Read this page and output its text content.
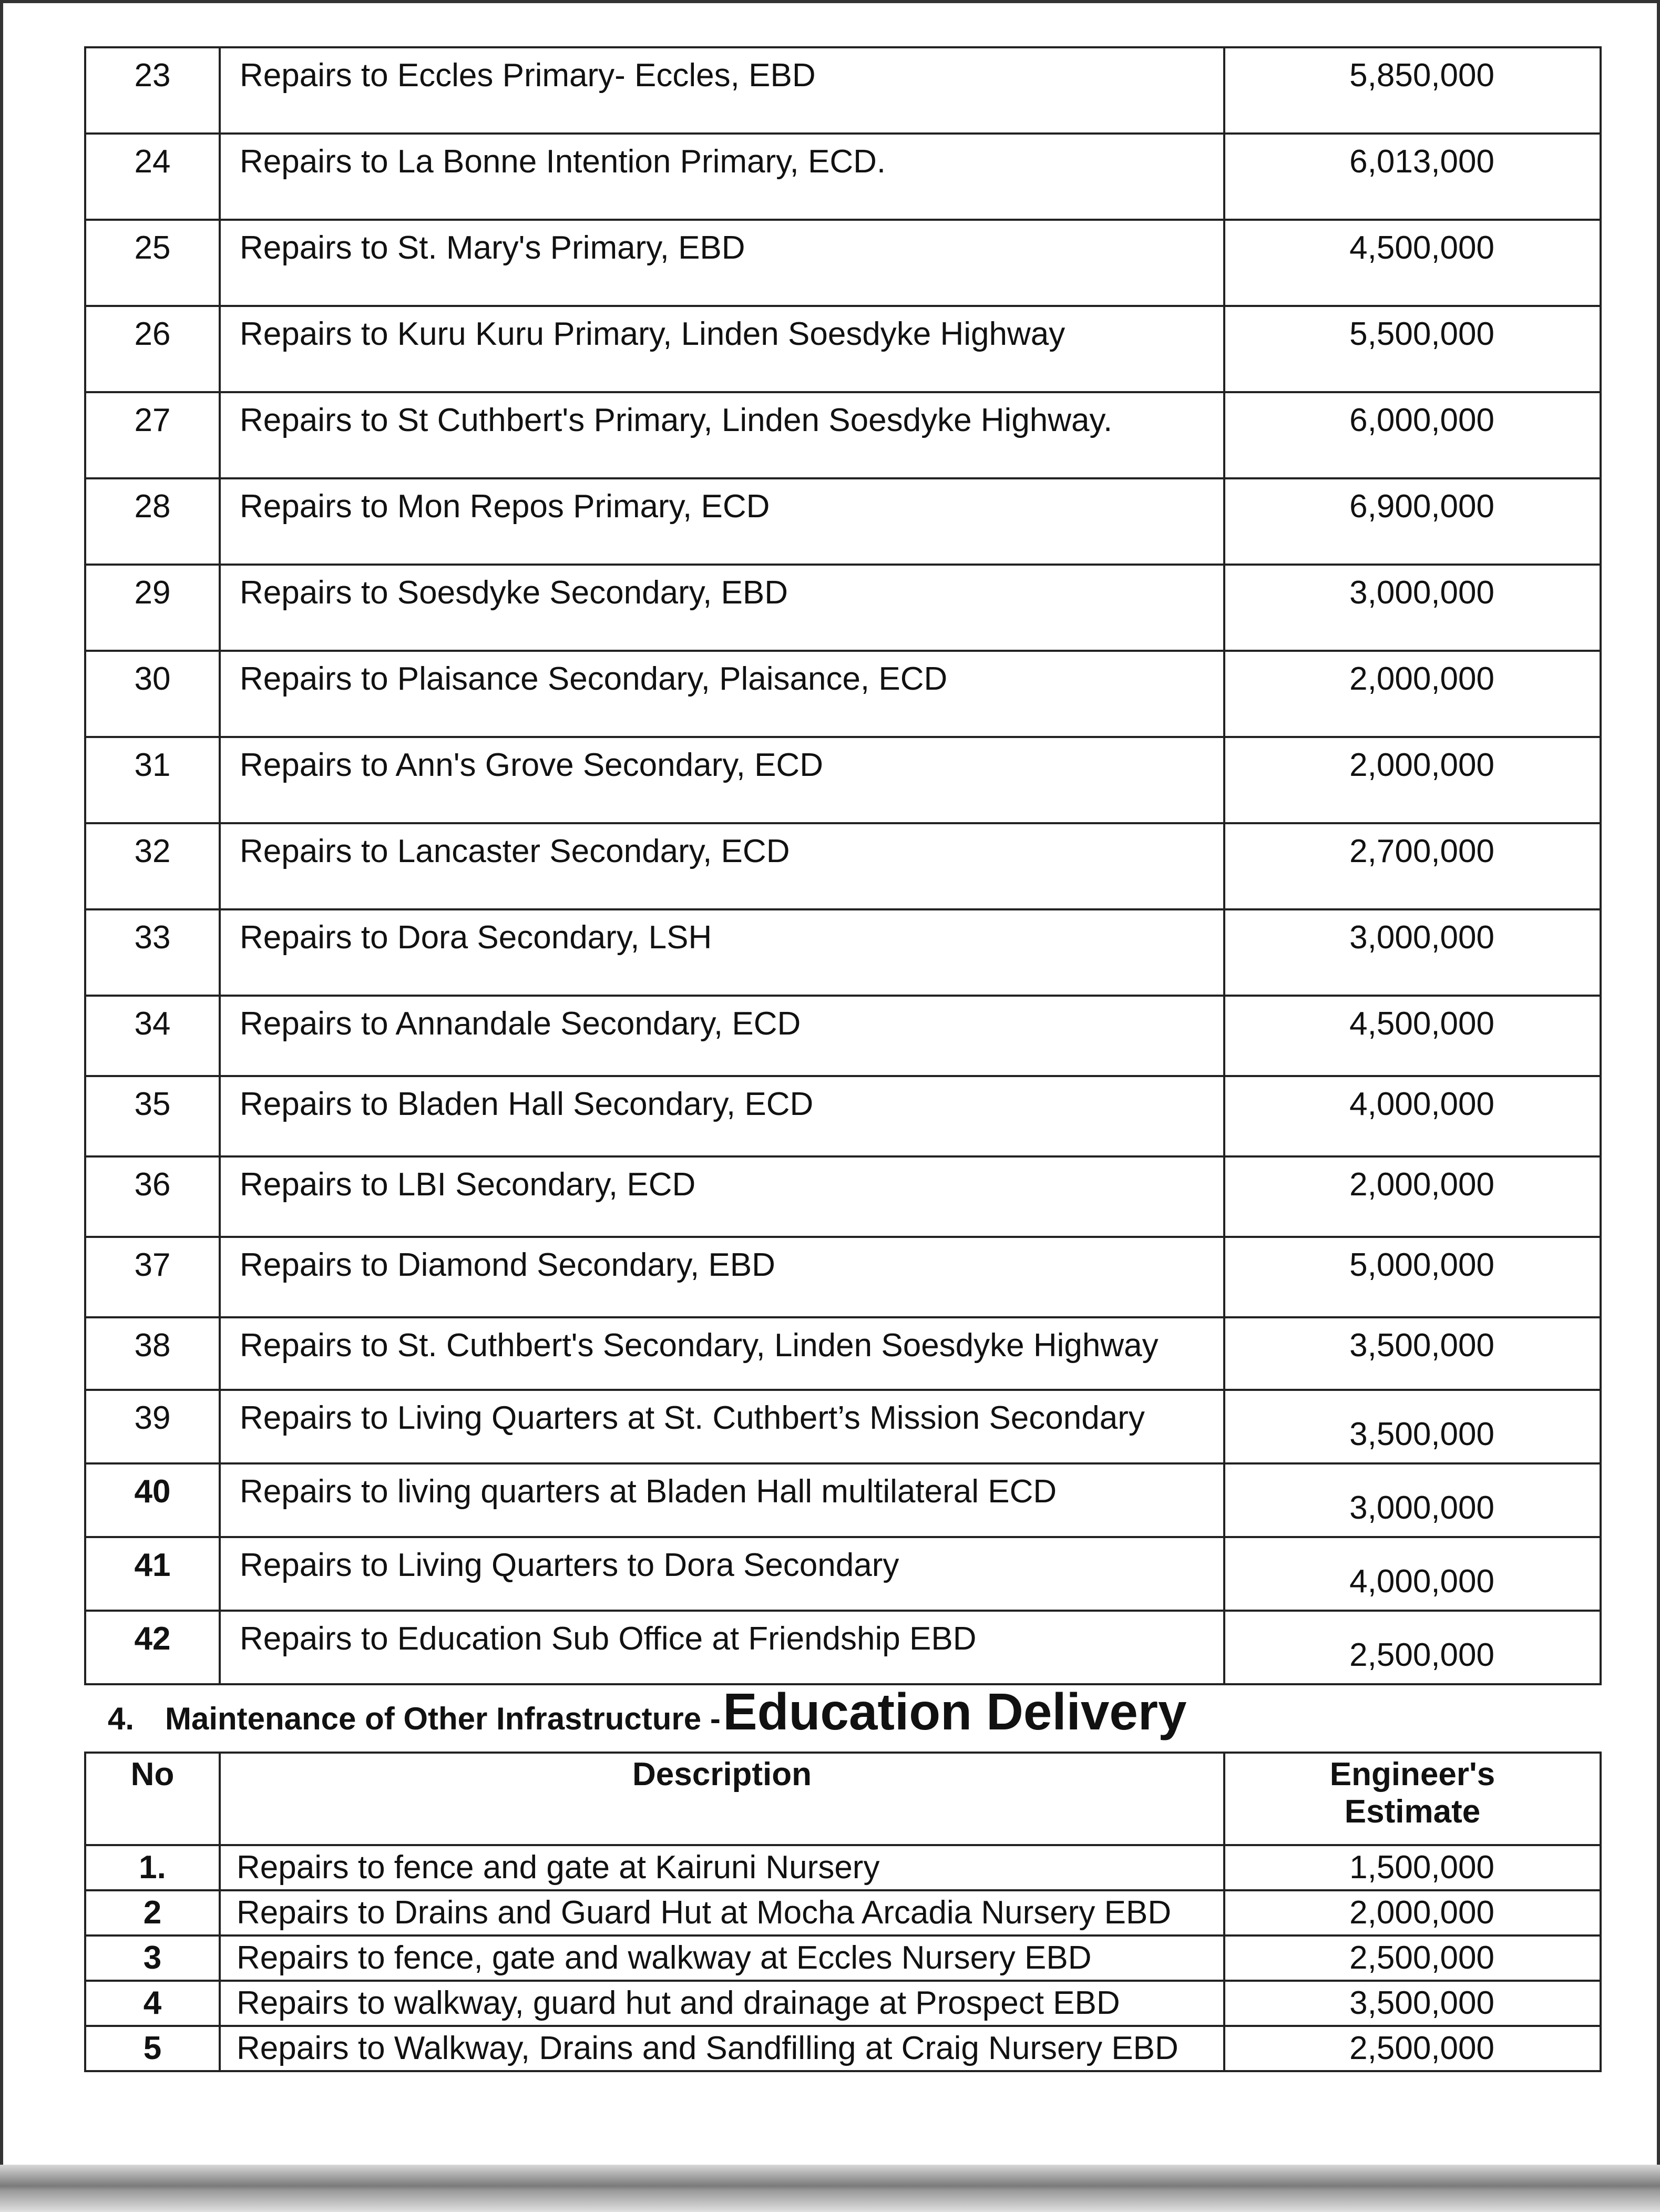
23	Repairs to Eccles Primary- Eccles, EBD	5,850,000
24	Repairs to La Bonne Intention Primary, ECD.	6,013,000
25	Repairs to St. Mary's Primary, EBD	4,500,000
26	Repairs to Kuru Kuru Primary, Linden Soesdyke Highway	5,500,000
27	Repairs to St Cuthbert's Primary, Linden Soesdyke Highway.	6,000,000
28	Repairs to Mon Repos Primary, ECD	6,900,000
29	Repairs to Soesdyke Secondary, EBD	3,000,000
30	Repairs to Plaisance Secondary, Plaisance, ECD	2,000,000
31	Repairs to Ann's Grove Secondary, ECD	2,000,000
32	Repairs to Lancaster Secondary, ECD	2,700,000
33	Repairs to Dora Secondary, LSH	3,000,000
34	Repairs to Annandale Secondary, ECD	4,500,000
35	Repairs to Bladen Hall Secondary, ECD	4,000,000
36	Repairs to LBI Secondary, ECD	2,000,000
37	Repairs to Diamond Secondary, EBD	5,000,000
38	Repairs to St. Cuthbert's Secondary, Linden Soesdyke Highway	3,500,000
39	Repairs to Living Quarters at St. Cuthbert’s Mission Secondary	3,500,000
40	Repairs to living quarters at Bladen Hall multilateral ECD	3,000,000
41	Repairs to Living Quarters to Dora Secondary	4,000,000
42	Repairs to Education Sub Office at Friendship EBD	2,500,000
4. Maintenance of Other Infrastructure - Education Delivery
No	Description	Engineer's
Estimate

1.	Repairs to fence and gate at Kairuni Nursery	1,500,000
2	Repairs to Drains and Guard Hut at Mocha Arcadia Nursery EBD	2,000,000
3	Repairs to fence, gate and walkway at Eccles Nursery EBD	2,500,000
4	Repairs to walkway, guard hut and drainage at Prospect EBD	3,500,000
5	Repairs to Walkway, Drains and Sandfilling at Craig Nursery EBD	2,500,000
